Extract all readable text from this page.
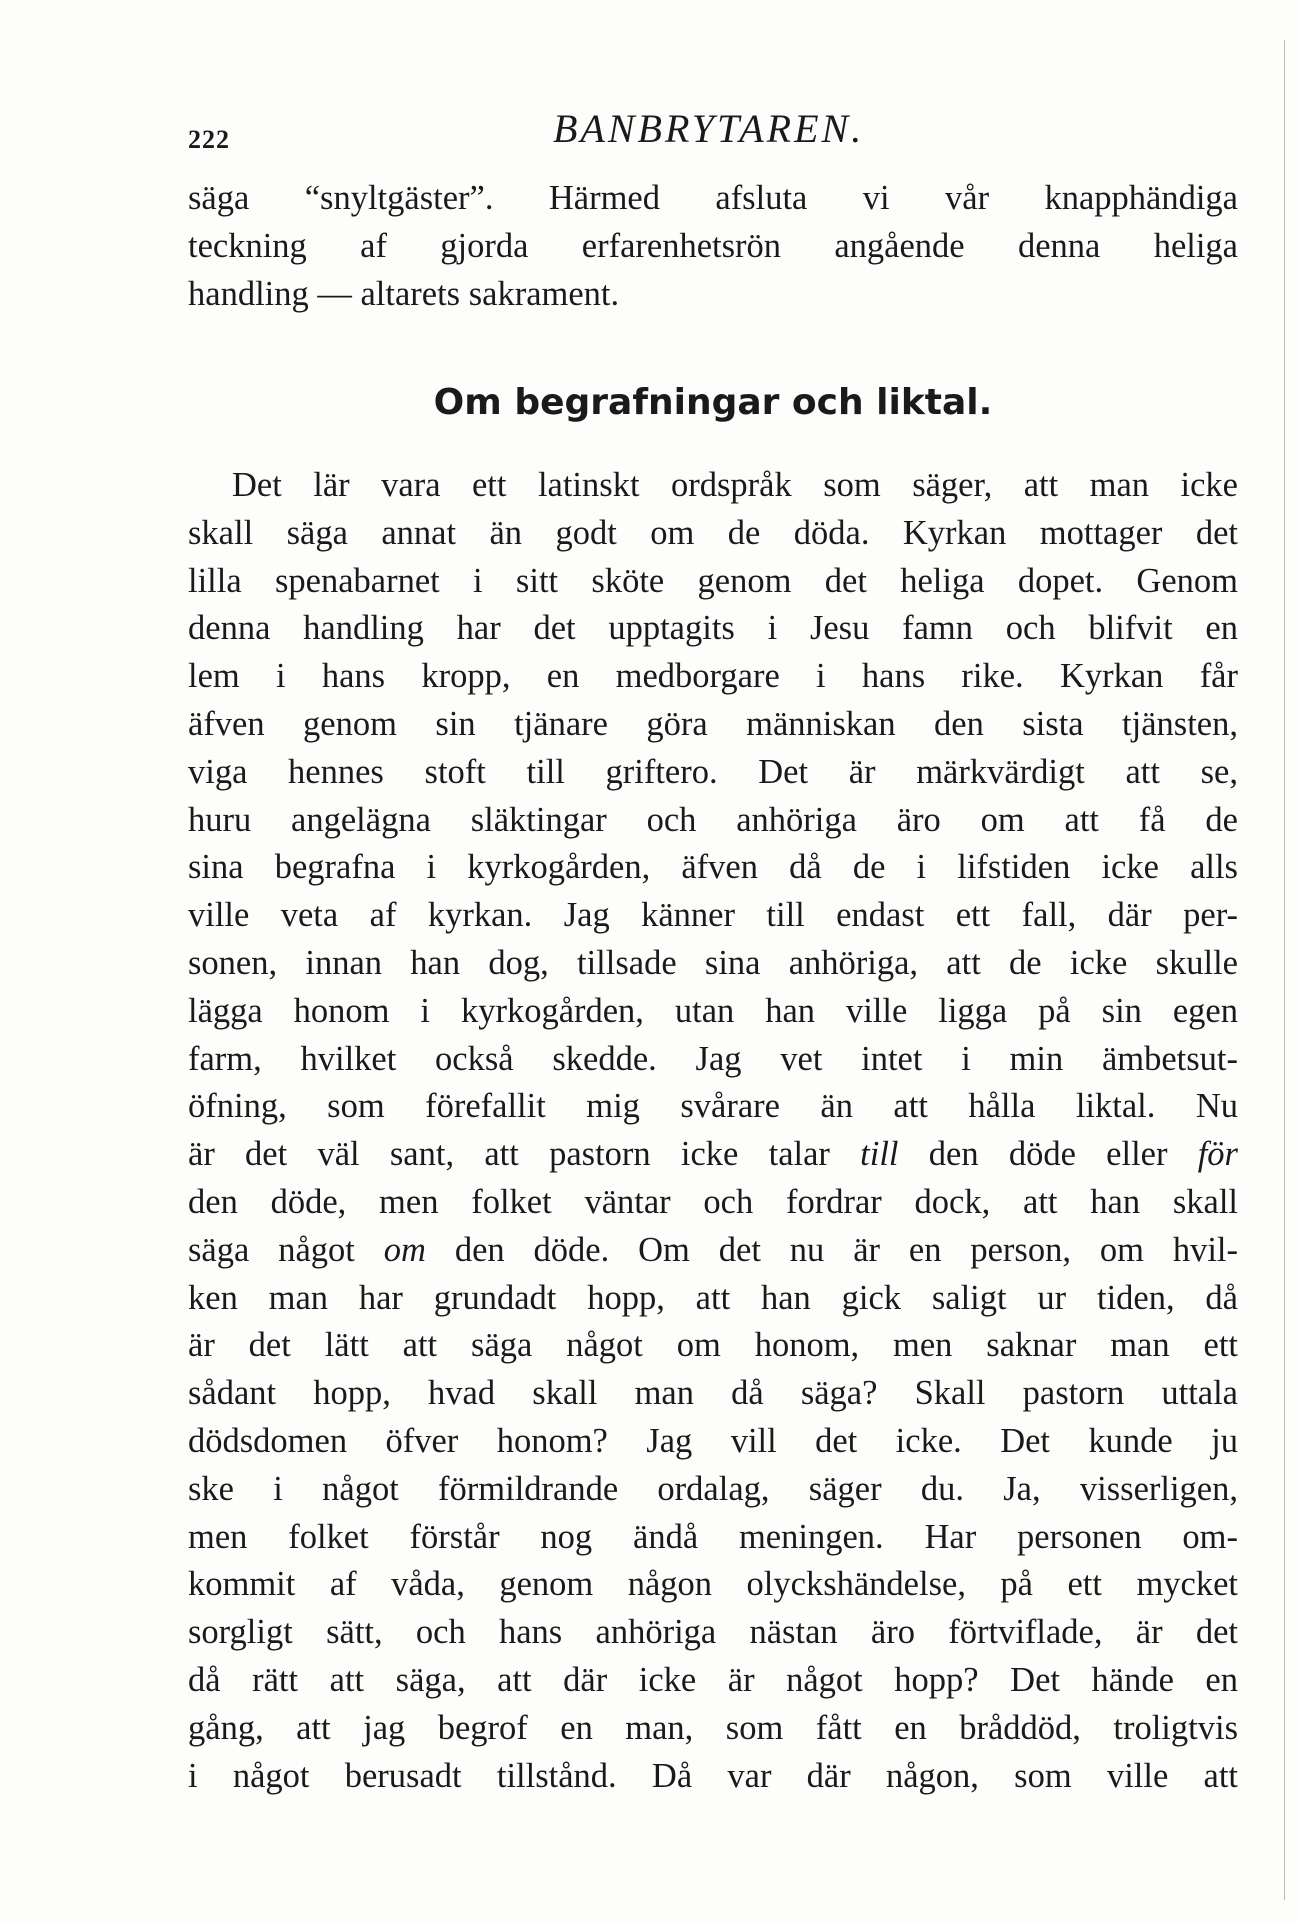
222	BANBRYTAREN.
säga “snyltgäster”. Härmed afsluta vi vår knapphändiga
teckning af gjorda erfarenhetsrön angående denna heliga
handling — altarets sakrament.
Om begrafningar och liktal.
Det lär vara ett latinskt ordspråk som säger, att man icke
skall säga annat än godt om de döda. Kyrkan mottager det
lilla spenabarnet i sitt sköte genom det heliga dopet. Genom
denna handling har det upptagits i Jesu famn och blifvit en
lem i hans kropp, en medborgare i hans rike. Kyrkan får
äfven genom sin tjänare göra människan den sista tjänsten,
viga hennes stoft till griftero. Det är märkvärdigt att se,
huru angelägna släktingar och anhöriga äro om att få de
sina begrafna i kyrkogården, äfven då de i lifstiden icke alls
ville veta af kyrkan. Jag känner till endast ett fall, där per-
sonen, innan han dog, tillsade sina anhöriga, att de icke skulle
lägga honom i kyrkogården, utan han ville ligga på sin egen
farm, hvilket också skedde. Jag vet intet i min ämbetsut-
öfning, som förefallit mig svårare än att hålla liktal. Nu
är det väl sant, att pastorn icke talar till den döde eller för
den döde, men folket väntar och fordrar dock, att han skall
säga något om den döde. Om det nu är en person, om hvil-
ken man har grundadt hopp, att han gick saligt ur tiden, då
är det lätt att säga något om honom, men saknar man ett
sådant hopp, hvad skall man då säga? Skall pastorn uttala
dödsdomen öfver honom? Jag vill det icke. Det kunde ju
ske i något förmildrande ordalag, säger du. Ja, visserligen,
men folket förstår nog ändå meningen. Har personen om-
kommit af våda, genom någon olyckshändelse, på ett mycket
sorgligt sätt, och hans anhöriga nästan äro förtviflade, är det
då rätt att säga, att där icke är något hopp? Det hände en
gång, att jag begrof en man, som fått en bråddöd, troligtvis
i något berusadt tillstånd. Då var där någon, som ville att
